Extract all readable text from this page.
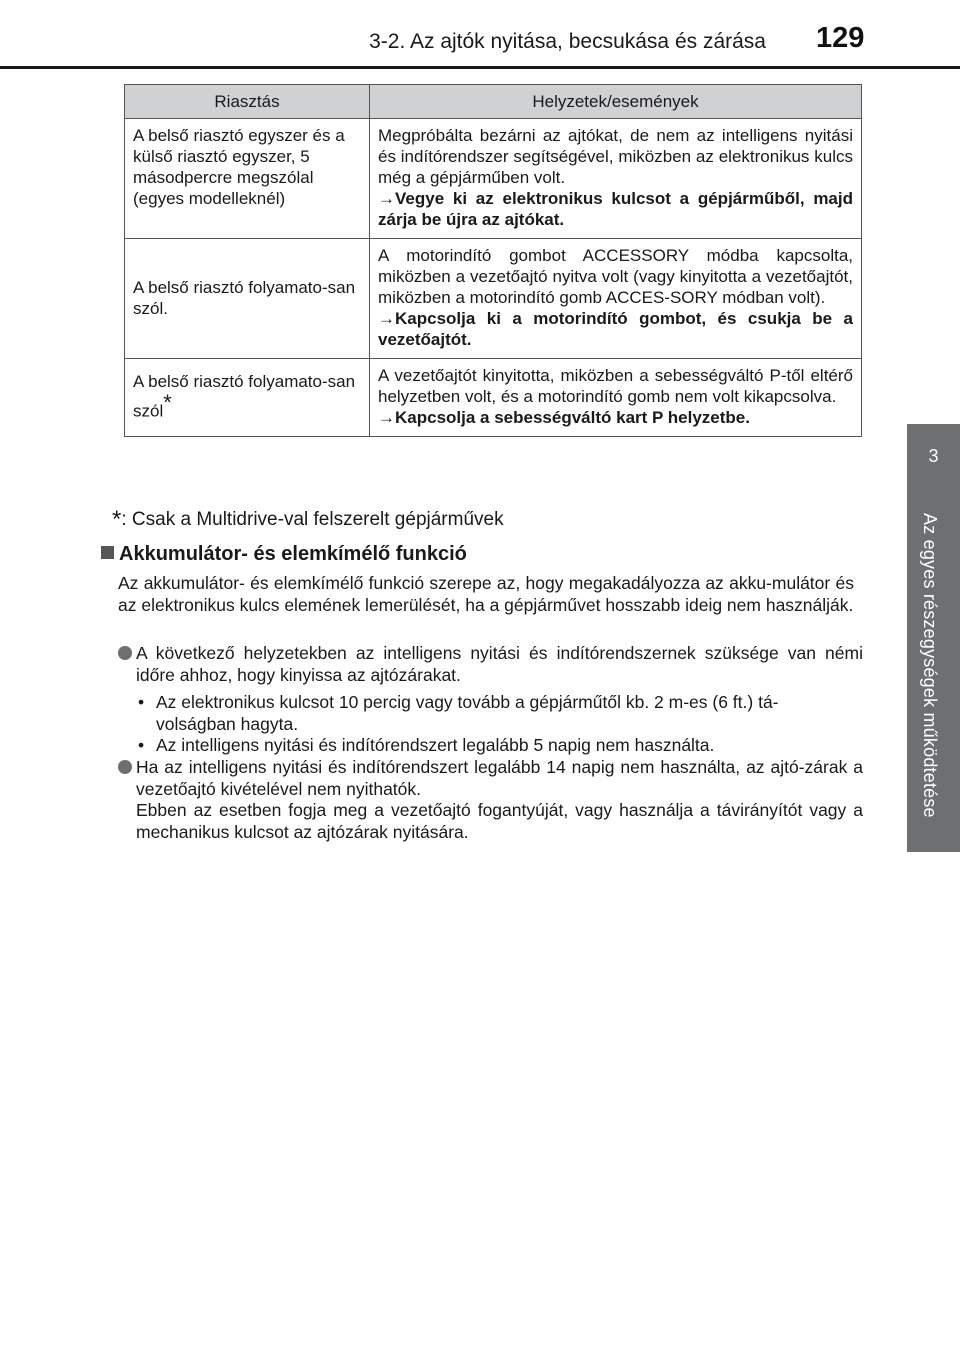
3-2. Az ajtók nyitása, becsukása és zárása 129
3
Az egyes részegységek működtetése
Riasztás	Helyzetek/események
A belső riasztó egyszer és a külső riasztó egyszer, 5 másodpercre megszólal (egyes modelleknél)	Megpróbálta bezárni az ajtókat, de nem az intelligens nyitási és indítórendszer segítségével, miközben az elektronikus kulcs még a gépjárműben volt.
→Vegye ki az elektronikus kulcsot a gépjárműből, majd zárja be újra az ajtókat.
A belső riasztó folyamato-san szól.	A motorindító gombot ACCESSORY módba kapcsolta, miközben a vezetőajtó nyitva volt (vagy kinyitotta a vezetőajtót, miközben a motorindító gomb ACCES-SORY módban volt).
→Kapcsolja ki a motorindító gombot, és csukja be a vezetőajtót.
A belső riasztó folyamato-san szól*	A vezetőajtót kinyitotta, miközben a sebességváltó P-től eltérő helyzetben volt, és a motorindító gomb nem volt kikapcsolva.
→Kapcsolja a sebességváltó kart P helyzetbe.
*: Csak a Multidrive-val felszerelt gépjárművek
Akkumulátor- és elemkímélő funkció
Az akkumulátor- és elemkímélő funkció szerepe az, hogy megakadályozza az akku-mulátor és az elektronikus kulcs elemének lemerülését, ha a gépjárművet hosszabb ideig nem használják.
A következő helyzetekben az intelligens nyitási és indítórendszernek szüksége van némi időre ahhoz, hogy kinyissa az ajtózárakat.
• Az elektronikus kulcsot 10 percig vagy tovább a gépjárműtől kb. 2 m-es (6 ft.) tá-volságban hagyta.
• Az intelligens nyitási és indítórendszert legalább 5 napig nem használta.
Ha az intelligens nyitási és indítórendszert legalább 14 napig nem használta, az ajtó-zárak a vezetőajtó kivételével nem nyithatók.
Ebben az esetben fogja meg a vezetőajtó fogantyúját, vagy használja a távirányítót vagy a mechanikus kulcsot az ajtózárak nyitására.
